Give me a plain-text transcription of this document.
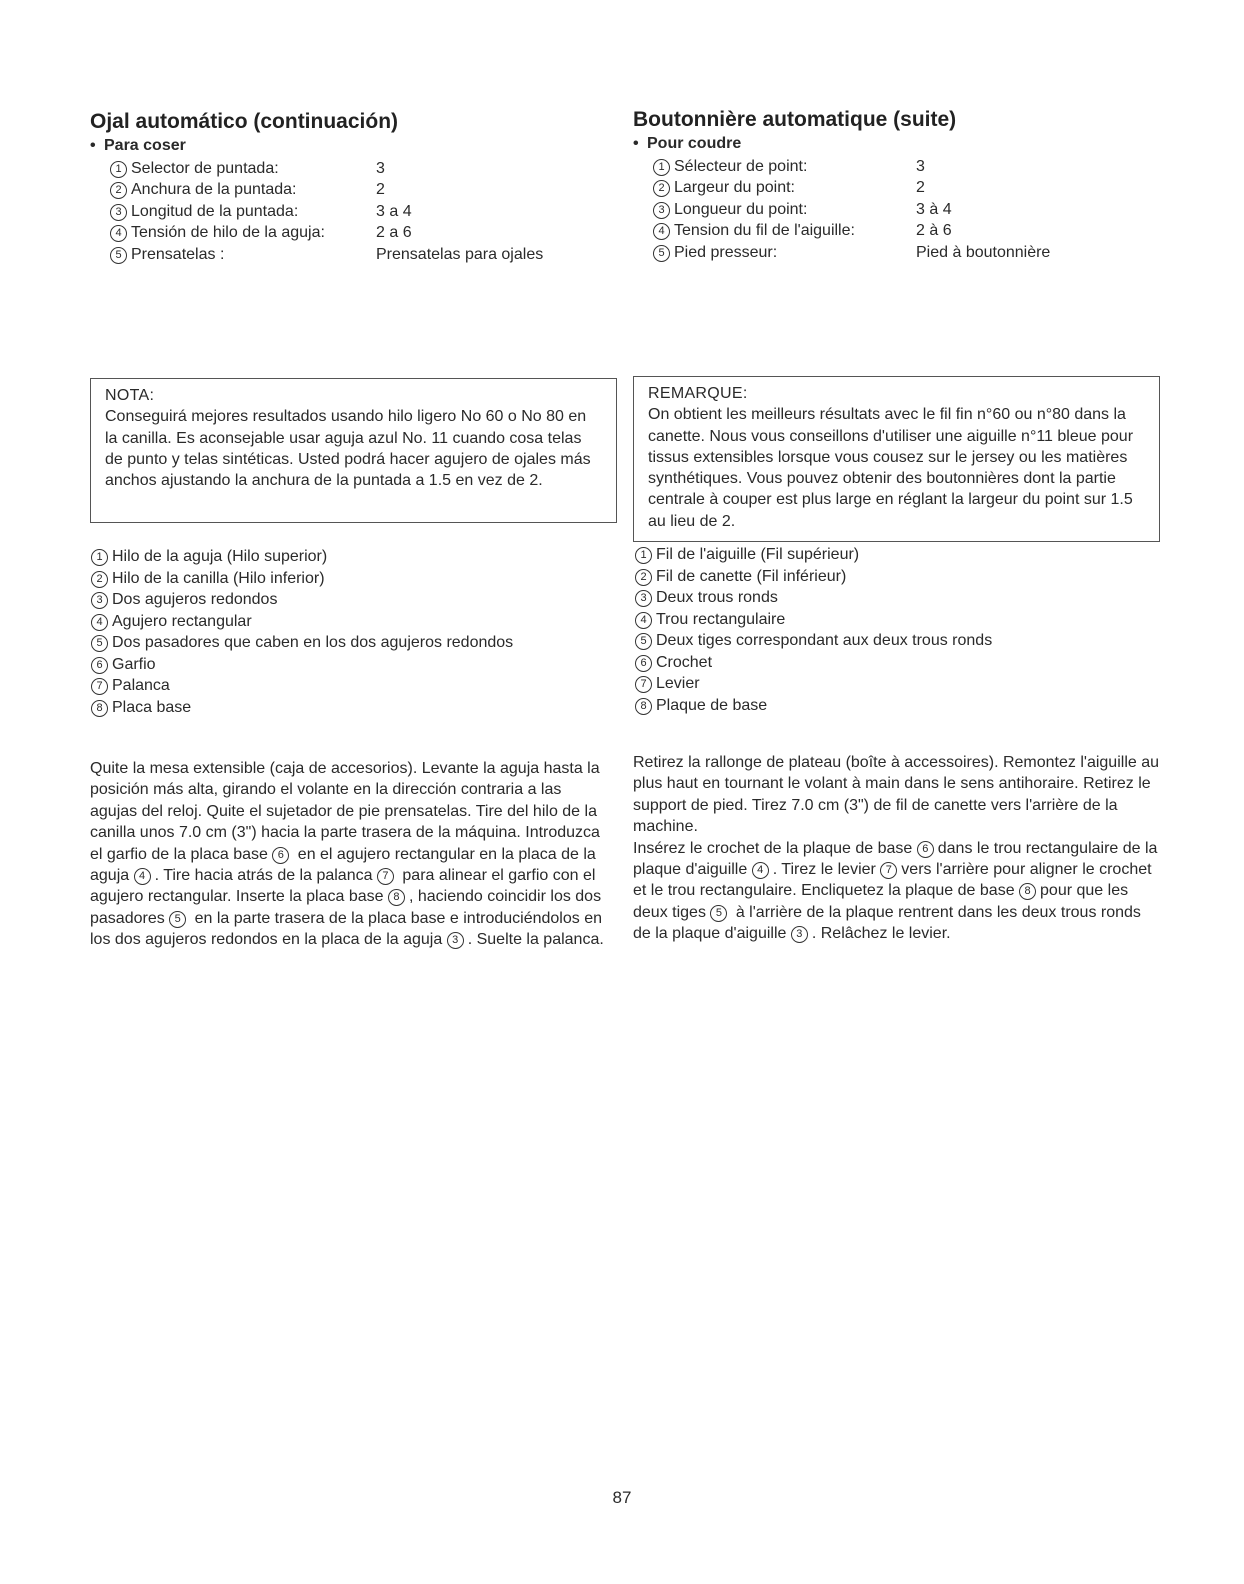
Ojal automático (continuación)
• Para coser
1 Selector de puntada:	3
2 Anchura de la puntada:	2
3 Longitud de la puntada:	3 a 4
4 Tensión de hilo de la aguja:	2 a 6
5 Prensatelas :	Prensatelas para ojales

NOTA:

Conseguirá mejores resultados usando hilo ligero No 60 o No 80 en la canilla. Es aconsejable usar aguja azul No. 11 cuando cosa telas de punto y telas sintéticas. Usted podrá hacer agujero de ojales más anchos ajustando la anchura de la puntada a 1.5 en vez de 2.

1 Hilo de la aguja (Hilo superior)
2 Hilo de la canilla (Hilo inferior)
3 Dos agujeros redondos
4 Agujero rectangular
5 Dos pasadores que caben en los dos agujeros redondos
6 Garfio
7 Palanca
8 Placa base

Quite la mesa extensible (caja de accesorios). Levante la aguja hasta la posición más alta, girando el volante en la dirección contraria a las agujas del reloj. Quite el sujetador de pie prensatelas. Tire del hilo de la canilla unos 7.0 cm (3") hacia la parte trasera de la máquina. Introduzca el garfio de la placa base 6 en el agujero rectangular en la placa de la aguja 4 . Tire hacia atrás de la palanca 7 para alinear el garfio con el agujero rectangular. Inserte la placa base 8 , haciendo coincidir los dos pasadores 5 en la parte trasera de la placa base e introduciéndolos en los dos agujeros redondos en la placa de la aguja 3 . Suelte la palanca.

Boutonnière automatique (suite)
• Pour coudre
1 Sélecteur de point:	3
2 Largeur du point:	2
3 Longueur du point:	3 à 4
4 Tension du fil de l'aiguille:	2 à 6
5 Pied presseur:	Pied à boutonnière

REMARQUE:

On obtient les meilleurs résultats avec le fil fin n°60 ou n°80 dans la canette. Nous vous conseillons d'utiliser une aiguille n°11 bleue pour tissus extensibles lorsque vous cousez sur le jersey ou les matières synthétiques. Vous pouvez obtenir des boutonnières dont la partie centrale à couper est plus large en réglant la largeur du point sur 1.5 au lieu de 2.

1 Fil de l'aiguille (Fil supérieur)
2 Fil de canette (Fil inférieur)
3 Deux trous ronds
4 Trou rectangulaire
5 Deux tiges correspondant aux deux trous ronds
6 Crochet
7 Levier
8 Plaque de base

Retirez la rallonge de plateau (boîte à accessoires). Remontez l'aiguille au plus haut en tournant le volant à main dans le sens antihoraire. Retirez le support de pied. Tirez 7.0 cm (3") de fil de canette vers l'arrière de la machine.
Insérez le crochet de la plaque de base 6 dans le trou rectangulaire de la plaque d'aiguille 4 . Tirez le levier 7 vers l'arrière pour aligner le crochet et le trou rectangulaire. Encliquetez la plaque de base 8 pour que les deux tiges 5 à l'arrière de la plaque rentrent dans les deux trous ronds de la plaque d'aiguille 3 . Relâchez le levier.

87
